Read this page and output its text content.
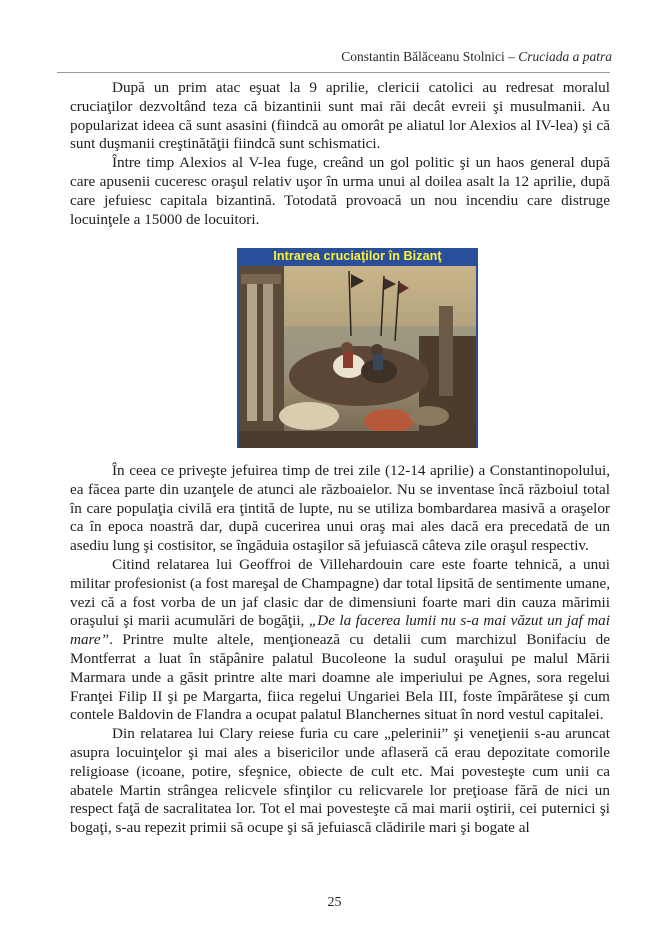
Constantin Bălăceanu Stolnici – Cruciada a patra

După un prim atac eşuat la 9 aprilie, clericii catolici au redresat moralul cruciaţilor dezvoltând teza că bizantinii sunt mai răi decât evreii şi musulmanii. Au popularizat ideea că sunt asasini (fiindcă au omorât pe aliatul lor Alexios al IV-lea) şi că sunt duşmanii creştinătăţii fiindcă sunt schismatici.

Între timp Alexios al V-lea fuge, creând un gol politic şi un haos general după care apusenii cuceresc oraşul relativ uşor în urma unui al doilea asalt la 12 aprilie, după care jefuiesc capitala bizantină. Totodată provoacă un nou incendiu care distruge locuinţele a 15000 de locuitori.

Intrarea cruciaţilor în Bizanţ

În ceea ce priveşte jefuirea timp de trei zile (12-14 aprilie) a Constantinopolului, ea făcea parte din uzanţele de atunci ale războaielor. Nu se inventase încă războiul total în care populaţia civilă era ţintită de lupte, nu se utiliza bombardarea masivă a oraşelor ca în epoca noastră dar, după cucerirea unui oraş mai ales dacă era precedată de un asediu lung şi costisitor, se îngăduia ostaşilor să jefuiască câteva zile oraşul respectiv.

Citind relatarea lui Geoffroi de Villehardouin care este foarte tehnică, a unui militar profesionist (a fost mareşal de Champagne) dar total lipsită de sentimente umane, vezi că a fost vorba de un jaf clasic dar de dimensiuni foarte mari din cauza mărimii oraşului şi marii acumulări de bogăţii, „De la facerea lumii nu s-a mai văzut un jaf mai mare”. Printre multe altele, menţionează cu detalii cum marchizul Bonifaciu de Montferrat a luat în stăpânire palatul Bucoleone la sudul oraşului pe malul Mării Marmara unde a găsit printre alte mari doamne ale imperiului pe Agnes, sora regelui Franţei Filip II şi pe Margarta, fiica regelui Ungariei Bela III, foste împărătese şi cum contele Baldovin de Flandra a ocupat palatul Blanchernes situat în nord vestul capitalei.

Din relatarea lui Clary reiese furia cu care „pelerinii” şi veneţienii s-au aruncat asupra locuinţelor şi mai ales a bisericilor unde aflaseră că erau depozitate comorile religioase (icoane, potire, sfeşnice, obiecte de cult etc. Mai povesteşte cum unii ca abatele Martin strângea relicvele sfinţilor cu relicvarele lor preţioase fără de nici un respect faţă de sacralitatea lor. Tot el mai povesteşte că mai marii oştirii, cei puternici şi bogaţi, s-au repezit primii să ocupe şi să jefuiască clădirile mari şi bogate al

25
